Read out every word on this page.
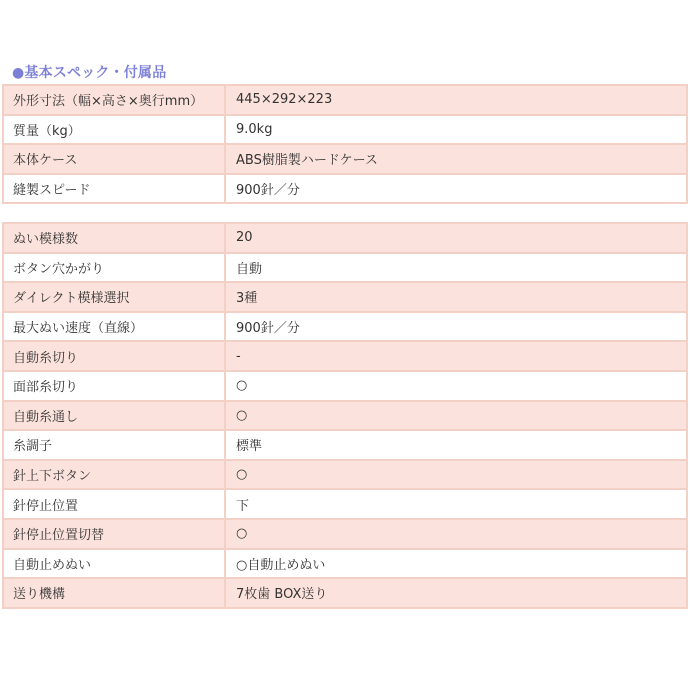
●基本スペック・付属品
外形寸法（幅×高さ×奥行mm）	445×292×223
質量（kg）	9.0kg
本体ケース	ABS樹脂製ハードケース
縫製スピード	900針／分
ぬい模様数	20
ボタン穴かがり	自動
ダイレクト模様選択	3種
最大ぬい速度（直線）	900針／分
自動糸切り	-
面部糸切り	○
自動糸通し	○
糸調子	標準
針上下ボタン	○
針停止位置	下
針停止位置切替	○
自動止めぬい	○自動止めぬい
送り機構	7枚歯 BOX送り
